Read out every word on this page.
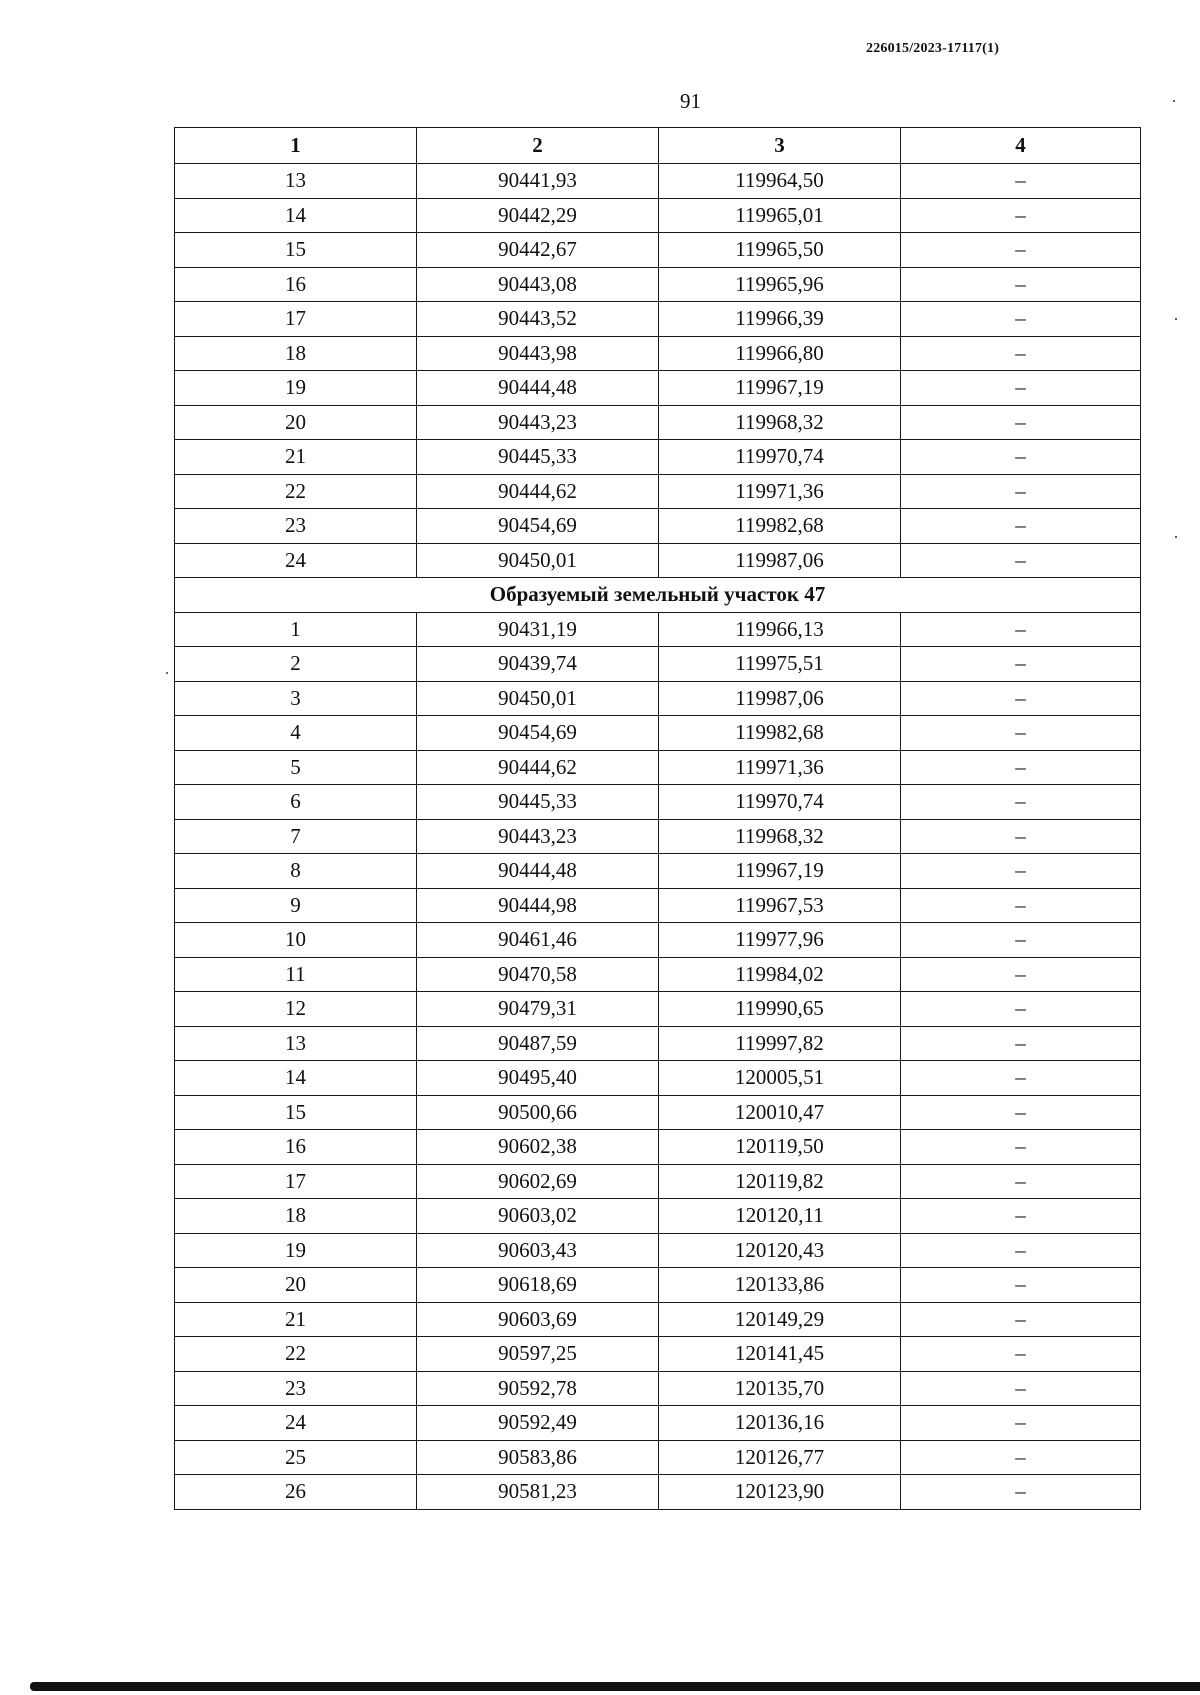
226015/2023-17117(1)
91
1	2	3	4
13	90441,93	119964,50	–
14	90442,29	119965,01	–
15	90442,67	119965,50	–
16	90443,08	119965,96	–
17	90443,52	119966,39	–
18	90443,98	119966,80	–
19	90444,48	119967,19	–
20	90443,23	119968,32	–
21	90445,33	119970,74	–
22	90444,62	119971,36	–
23	90454,69	119982,68	–
24	90450,01	119987,06	–
Образуемый земельный участок 47			
1	90431,19	119966,13	–
2	90439,74	119975,51	–
3	90450,01	119987,06	–
4	90454,69	119982,68	–
5	90444,62	119971,36	–
6	90445,33	119970,74	–
7	90443,23	119968,32	–
8	90444,48	119967,19	–
9	90444,98	119967,53	–
10	90461,46	119977,96	–
11	90470,58	119984,02	–
12	90479,31	119990,65	–
13	90487,59	119997,82	–
14	90495,40	120005,51	–
15	90500,66	120010,47	–
16	90602,38	120119,50	–
17	90602,69	120119,82	–
18	90603,02	120120,11	–
19	90603,43	120120,43	–
20	90618,69	120133,86	–
21	90603,69	120149,29	–
22	90597,25	120141,45	–
23	90592,78	120135,70	–
24	90592,49	120136,16	–
25	90583,86	120126,77	–
26	90581,23	120123,90	–
